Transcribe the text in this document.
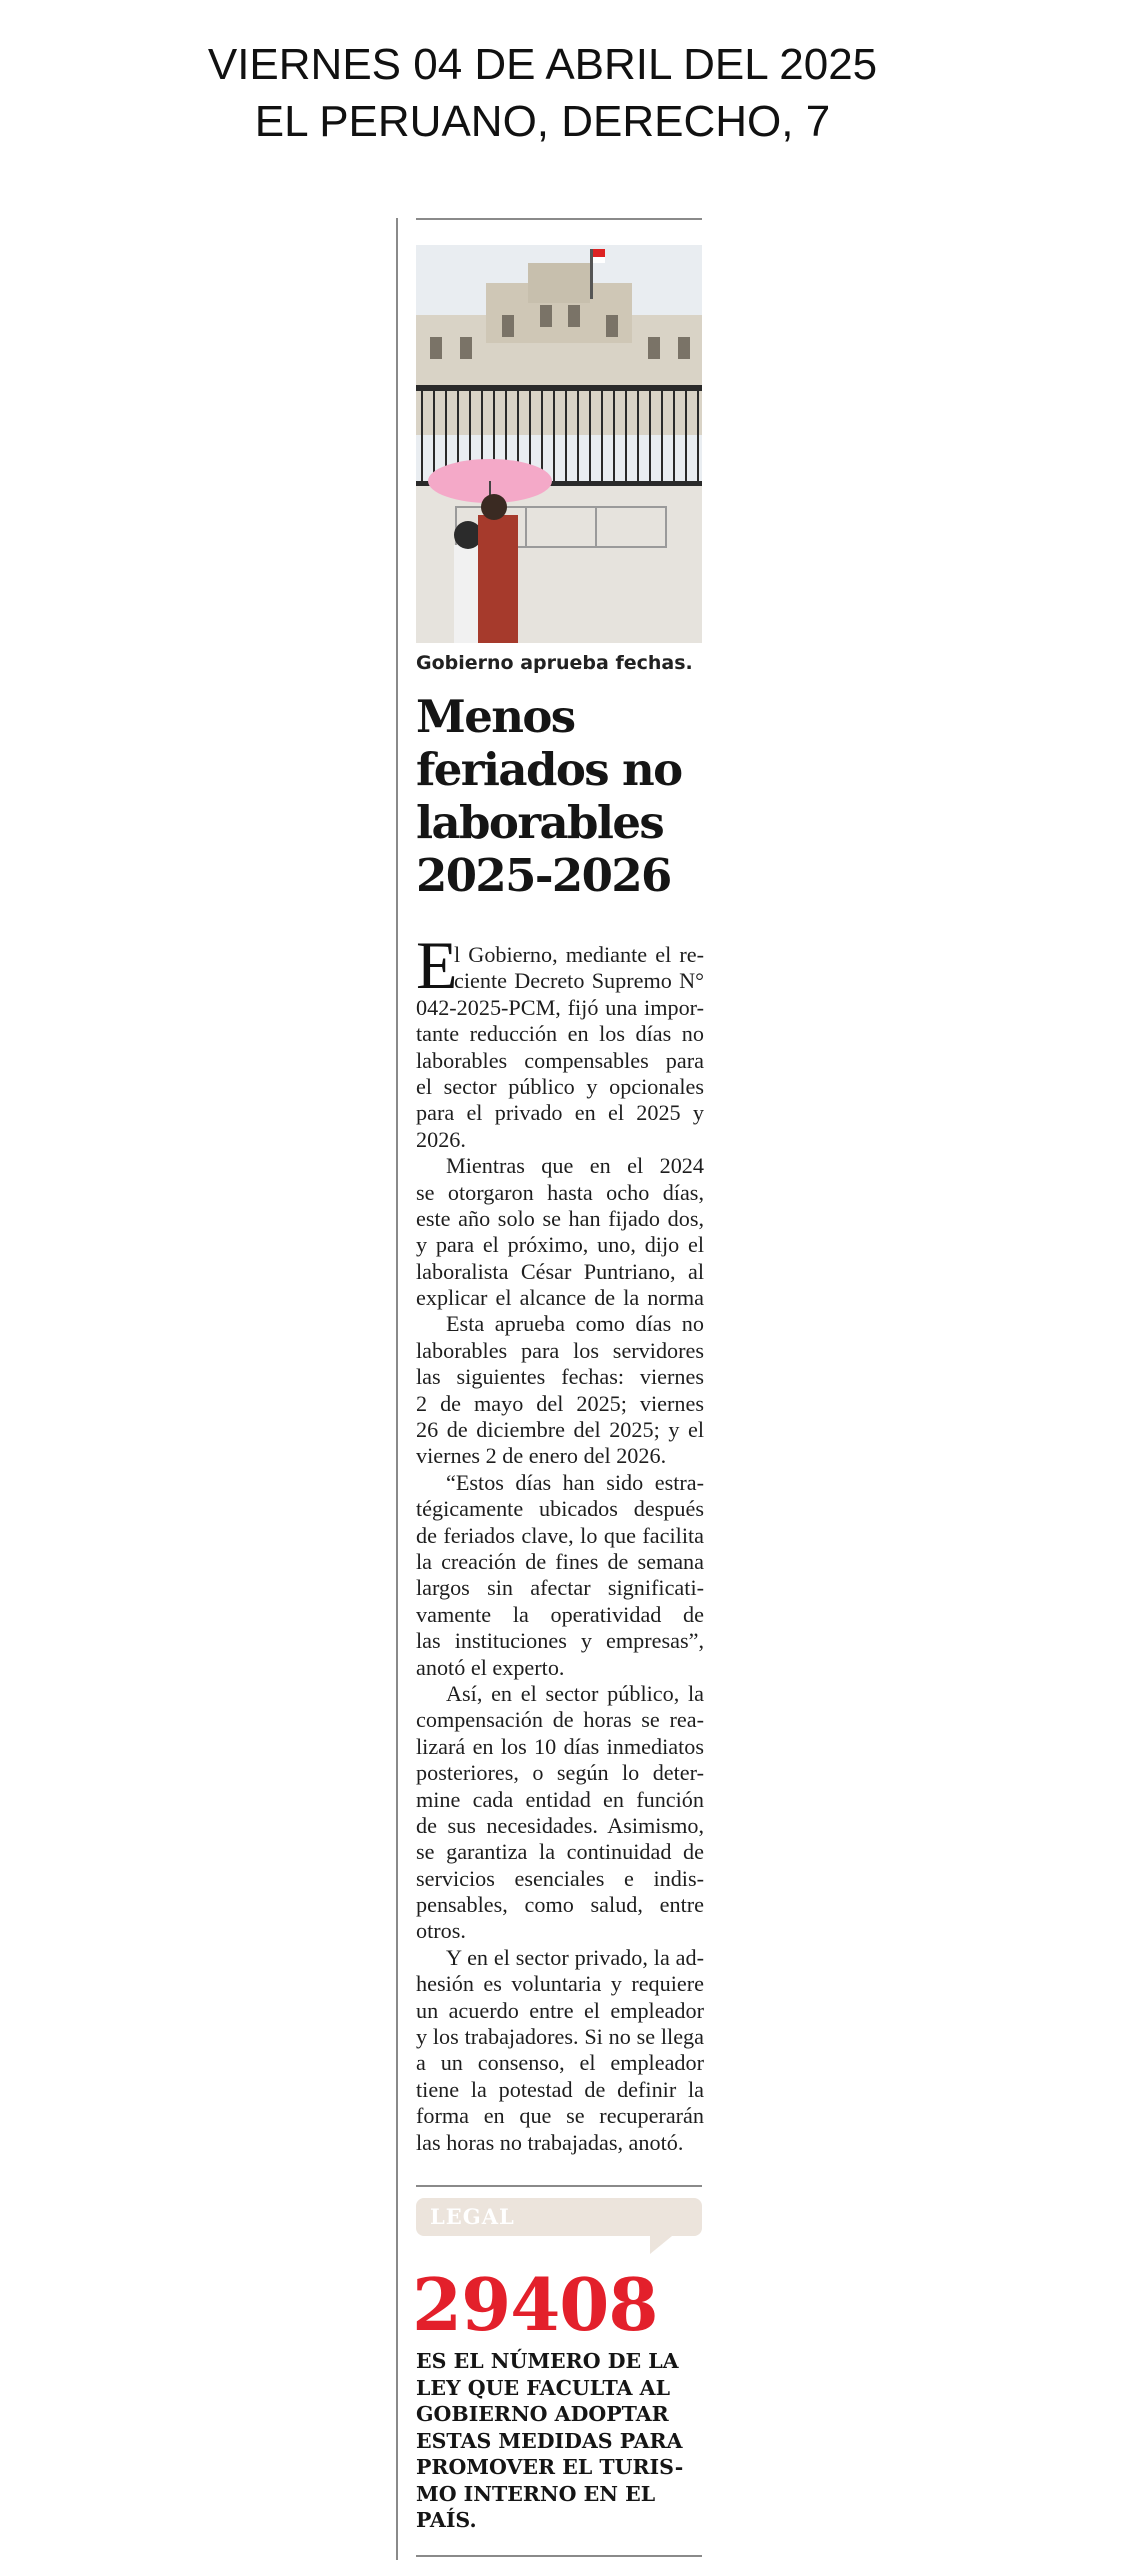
VIERNES 04 DE ABRIL DEL 2025
EL PERUANO, DERECHO, 7
Gobierno aprueba fechas.
Menos
feriados no
laborables
2025-2026
E
l Gobierno, mediante el re-
ciente Decreto Supremo N°
042-2025-PCM, fijó una impor-
tante reducción en los días no
laborables compensables para
el sector público y opcionales
para el privado en el 2025 y
2026.
Mientras que en el 2024
se otorgaron hasta ocho días,
este año solo se han fijado dos,
y para el próximo, uno, dijo el
laboralista César Puntriano, al
explicar el alcance de la norma
Esta aprueba como días no
laborables para los servidores
las siguientes fechas: viernes
2 de mayo del 2025; viernes
26 de diciembre del 2025; y el
viernes 2 de enero del 2026.
“Estos días han sido estra-
tégicamente ubicados después
de feriados clave, lo que facilita
la creación de fines de semana
largos sin afectar significati-
vamente la operatividad de
las instituciones y empresas”,
anotó el experto.
Así, en el sector público, la
compensación de horas se rea-
lizará en los 10 días inmediatos
posteriores, o según lo deter-
mine cada entidad en función
de sus necesidades. Asimismo,
se garantiza la continuidad de
servicios esenciales e indis-
pensables, como salud, entre
otros.
Y en el sector privado, la ad-
hesión es voluntaria y requiere
un acuerdo entre el empleador
y los trabajadores. Si no se llega
a un consenso, el empleador
tiene la potestad de definir la
forma en que se recuperarán
las horas no trabajadas, anotó.
LEGAL
29408
ES EL NÚMERO DE LA
LEY QUE FACULTA AL
GOBIERNO ADOPTAR
ESTAS MEDIDAS PARA
PROMOVER EL TURIS-
MO INTERNO EN EL
PAÍS.
